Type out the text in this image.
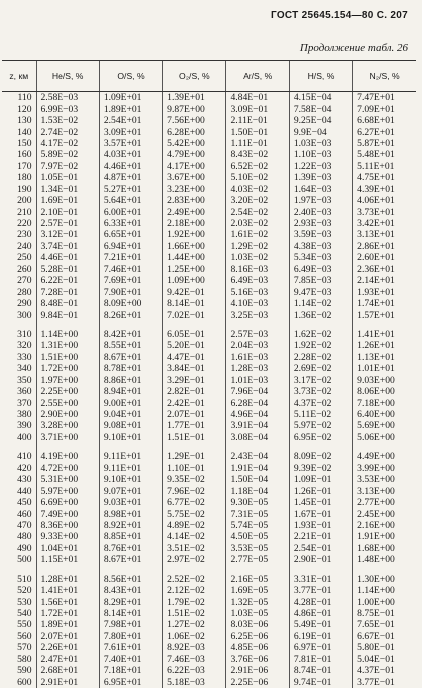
ГОСТ 25645.154—80 С. 207
Продолжение табл. 26
z, км	He/S, %	O/S, %	O₂/S, %	Ar/S, %	H/S, %	N₂/S, %
110	2.58E−03	1.09E+01	1.39E+01	4.84E−01	4.15E−04	7.47E+01
120	6.99E−03	1.89E+01	9.87E+00	3.09E−01	7.58E−04	7.09E+01
130	1.53E−02	2.54E+01	7.56E+00	2.11E−01	9.25E−04	6.68E+01
140	2.74E−02	3.09E+01	6.28E+00	1.50E−01	9.9E−04	6.27E+01
150	4.17E−02	3.57E+01	5.42E+00	1.11E−01	1.03E−03	5.87E+01
160	5.89E−02	4.03E+01	4.79E+00	8.43E−02	1.10E−03	5.48E+01
170	7.97E−02	4.46E+01	4.17E+00	6.52E−02	1.22E−03	5.11E+01
180	1.05E−01	4.87E+01	3.67E+00	5.10E−02	1.39E−03	4.75E+01
190	1.34E−01	5.27E+01	3.23E+00	4.03E−02	1.64E−03	4.39E+01
200	1.69E−01	5.64E+01	2.83E+00	3.20E−02	1.97E−03	4.06E+01
210	2.10E−01	6.00E+01	2.49E+00	2.54E−02	2.40E−03	3.73E+01
220	2.57E−01	6.33E+01	2.18E+00	2.03E−02	2.93E−03	3.42E+01
230	3.12E−01	6.65E+01	1.92E+00	1.61E−02	3.59E−03	3.13E+01
240	3.74E−01	6.94E+01	1.66E+00	1.29E−02	4.38E−03	2.86E+01
250	4.46E−01	7.21E+01	1.44E+00	1.03E−02	5.34E−03	2.60E+01
260	5.28E−01	7.46E+01	1.25E+00	8.16E−03	6.49E−03	2.36E+01
270	6.22E−01	7.69E+01	1.09E+00	6.49E−03	7.85E−03	2.14E+01
280	7.28E−01	7.90E+01	9.42E−01	5.16E−03	9.47E−03	1.93E+01
290	8.48E−01	8.09E+00	8.14E−01	4.10E−03	1.14E−02	1.74E+01
300	9.84E−01	8.26E+01	7.02E−01	3.25E−03	1.36E−02	1.57E+01

310	1.14E+00	8.42E+01	6.05E−01	2.57E−03	1.62E−02	1.41E+01
320	1.31E+00	8.55E+01	5.20E−01	2.04E−03	1.92E−02	1.26E+01
330	1.51E+00	8.67E+01	4.47E−01	1.61E−03	2.28E−02	1.13E+01
340	1.72E+00	8.78E+01	3.84E−01	1.28E−03	2.69E−02	1.01E+01
350	1.97E+00	8.86E+01	3.29E−01	1.01E−03	3.17E−02	9.03E+00
360	2.25E+00	8.94E+01	2.82E−01	7.96E−04	3.73E−02	8.06E+00
370	2.55E+00	9.00E+01	2.42E−01	6.28E−04	4.37E−02	7.18E+00
380	2.90E+00	9.04E+01	2.07E−01	4.96E−04	5.11E−02	6.40E+00
390	3.28E+00	9.08E+01	1.77E−01	3.91E−04	5.97E−02	5.69E+00
400	3.71E+00	9.10E+01	1.51E−01	3.08E−04	6.95E−02	5.06E+00

410	4.19E+00	9.11E+01	1.29E−01	2.43E−04	8.09E−02	4.49E+00
420	4.72E+00	9.11E+01	1.10E−01	1.91E−04	9.39E−02	3.99E+00
430	5.31E+00	9.10E+01	9.35E−02	1.50E−04	1.09E−01	3.53E+00
440	5.97E+00	9.07E+01	7.96E−02	1.18E−04	1.26E−01	3.13E+00
450	6.69E+00	9.03E+01	6.77E−02	9.30E−05	1.45E−01	2.77E+00
460	7.49E+00	8.98E+01	5.75E−02	7.31E−05	1.67E−01	2.45E+00
470	8.36E+00	8.92E+01	4.89E−02	5.74E−05	1.93E−01	2.16E+00
480	9.33E+00	8.85E+01	4.14E−02	4.50E−05	2.21E−01	1.91E+00
490	1.04E+01	8.76E+01	3.51E−02	3.53E−05	2.54E−01	1.68E+00
500	1.15E+01	8.67E+01	2.97E−02	2.77E−05	2.90E−01	1.48E+00

510	1.28E+01	8.56E+01	2.52E−02	2.16E−05	3.31E−01	1.30E+00
520	1.41E+01	8.43E+01	2.12E−02	1.69E−05	3.77E−01	1.14E+00
530	1.56E+01	8.29E+01	1.79E−02	1.32E−05	4.28E−01	1.00E+00
540	1.72E+01	8.14E+01	1.51E−02	1.03E−05	4.86E−01	8.75E−01
550	1.89E+01	7.98E+01	1.27E−02	8.03E−06	5.49E−01	7.65E−01
560	2.07E+01	7.80E+01	1.06E−02	6.25E−06	6.19E−01	6.67E−01
570	2.26E+01	7.61E+01	8.92E−03	4.85E−06	6.97E−01	5.80E−01
580	2.47E+01	7.40E+01	7.46E−03	3.76E−06	7.81E−01	5.04E−01
590	2.68E+01	7.18E+01	6.22E−03	2.91E−06	8.74E−01	4.37E−01
600	2.91E+01	6.95E+01	5.18E−03	2.25E−06	9.74E−01	3.77E−01
